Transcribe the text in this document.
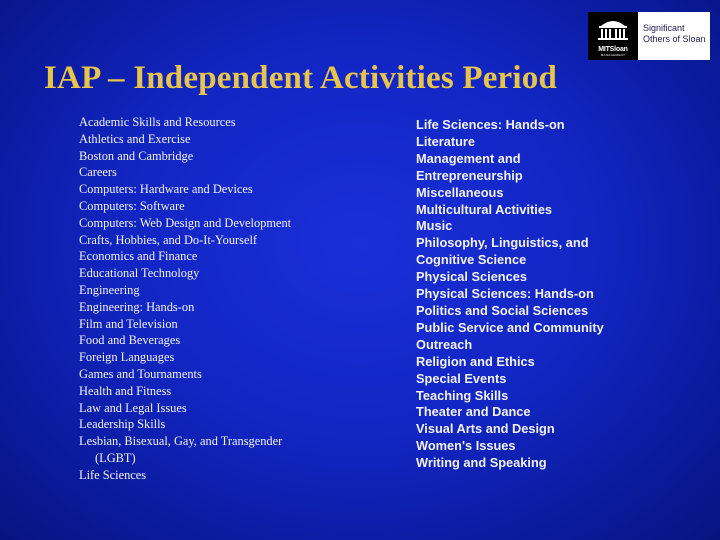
MITSloan
MANAGEMENT
Significant
Others of Sloan
IAP – Independent Activities Period
Academic Skills and Resources
Athletics and Exercise
Boston and Cambridge
Careers
Computers: Hardware and Devices
Computers: Software
Computers: Web Design and Development
Crafts, Hobbies, and Do-It-Yourself
Economics and Finance
Educational Technology
Engineering
Engineering: Hands-on
Film and Television
Food and Beverages
Foreign Languages
Games and Tournaments
Health and Fitness
Law and Legal Issues
Leadership Skills
Lesbian, Bisexual, Gay, and Transgender
(LGBT)
Life Sciences
Life Sciences: Hands-on
Literature
Management and
Entrepreneurship
Miscellaneous
Multicultural Activities
Music
Philosophy, Linguistics, and
Cognitive Science
Physical Sciences
Physical Sciences: Hands-on
Politics and Social Sciences
Public Service and Community
Outreach
Religion and Ethics
Special Events
Teaching Skills
Theater and Dance
Visual Arts and Design
Women's Issues
Writing and Speaking
